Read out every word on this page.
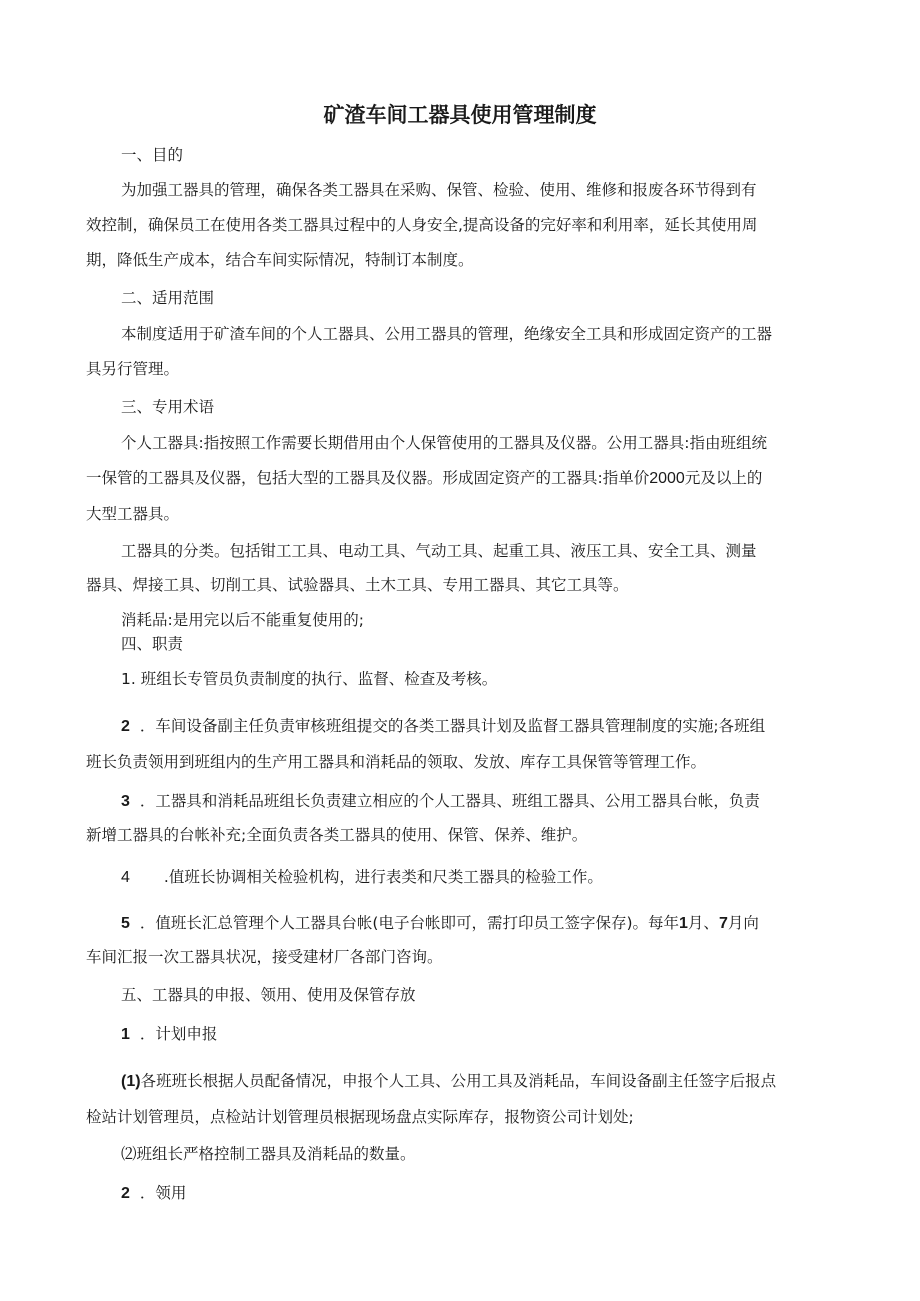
矿渣车间工器具使用管理制度

一、目的

为加强工器具的管理，确保各类工器具在采购、保管、检验、使用、维修和报废各环节得到有

效控制，确保员工在使用各类工器具过程中的人身安全,提高设备的完好率和利用率，延长其使用周

期，降低生产成本，结合车间实际情况，特制订本制度。

二、适用范围

本制度适用于矿渣车间的个人工器具、公用工器具的管理，绝缘安全工具和形成固定资产的工器

具另行管理。

三、专用术语

个人工器具:指按照工作需要长期借用由个人保管使用的工器具及仪器。公用工器具:指由班组统

一保管的工器具及仪器，包括大型的工器具及仪器。形成固定资产的工器具:指单价2000元及以上的

大型工器具。

工器具的分类。包括钳工工具、电动工具、气动工具、起重工具、液压工具、安全工具、测量

器具、焊接工具、切削工具、试验器具、土木工具、专用工器具、其它工具等。

消耗品:是用完以后不能重复使用的;

四、职责

1. 班组长专管员负责制度的执行、监督、检查及考核。

2 ．车间设备副主任负责审核班组提交的各类工器具计划及监督工器具管理制度的实施;各班组

班长负责领用到班组内的生产用工器具和消耗品的领取、发放、库存工具保管等管理工作。

3 ．工器具和消耗品班组长负责建立相应的个人工器具、班组工器具、公用工器具台帐，负责

新增工器具的台帐补充;全面负责各类工器具的使用、保管、保养、维护。

4 .值班长协调相关检验机构，进行表类和尺类工器具的检验工作。

5 ．值班长汇总管理个人工器具台帐(电子台帐即可，需打印员工签字保存)。每年1月、7月向

车间汇报一次工器具状况，接受建材厂各部门咨询。

五、工器具的申报、领用、使用及保管存放

1 ．计划申报

(1)各班班长根据人员配备情况，申报个人工具、公用工具及消耗品，车间设备副主任签字后报点

检站计划管理员，点检站计划管理员根据现场盘点实际库存，报物资公司计划处;

⑵班组长严格控制工器具及消耗品的数量。

2 ．领用
